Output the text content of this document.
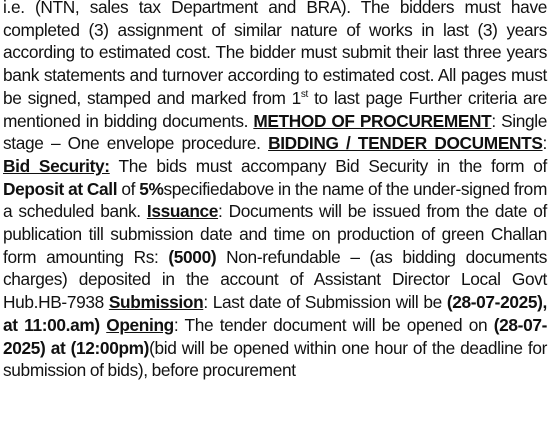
i.e. (NTN, sales tax Department and BRA). The bidders must have completed (3) assignment of similar nature of works in last (3) years according to estimated cost. The bidder must submit their last three years bank statements and turnover according to estimated cost. All pages must be signed, stamped and marked from 1st to last page Further criteria are mentioned in bidding documents. METHOD OF PROCUREMENT: Single stage – One envelope procedure. BIDDING / TENDER DOCUMENTS: Bid Security: The bids must accompany Bid Security in the form of Deposit at Call of 5%specifiedabove in the name of the under-signed from a scheduled bank. Issuance: Documents will be issued from the date of publication till submission date and time on production of green Challan form amounting Rs: (5000) Non-refundable – (as bidding documents charges) deposited in the account of Assistant Director Local Govt Hub.HB-7938 Submission: Last date of Submission will be (28-07-2025), at 11:00.am) Opening: The tender document will be opened on (28-07-2025) at (12:00pm)(bid will be opened within one hour of the deadline for submission of bids), before procurement
